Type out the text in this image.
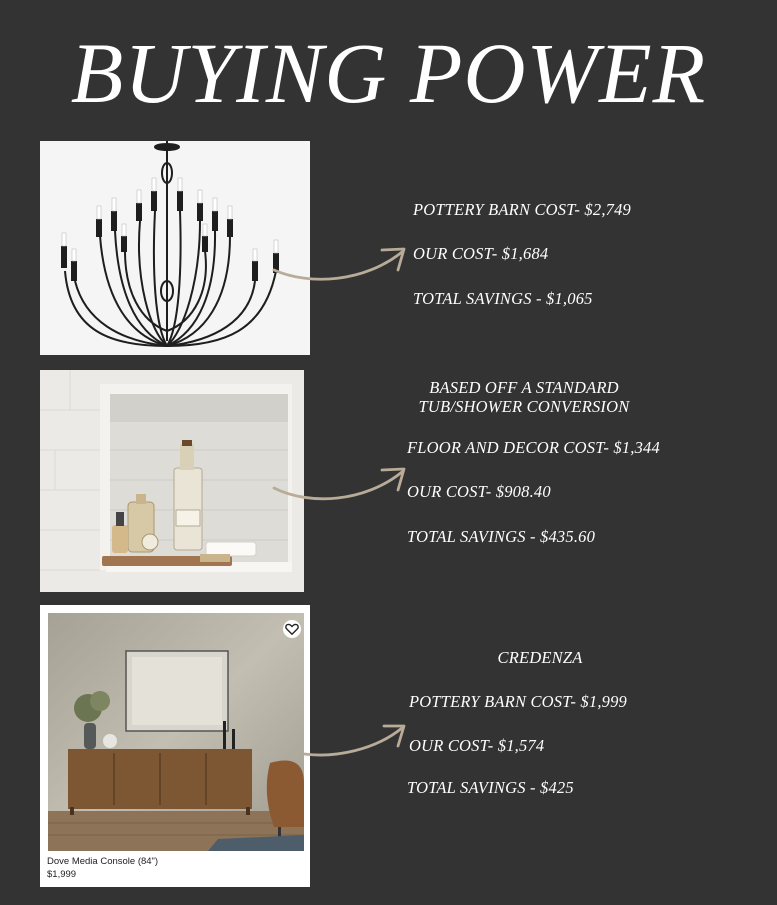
BUYING POWER
Dove Media Console (84")
$1,999
POTTERY BARN COST- $2,749
OUR COST- $1,684
TOTAL SAVINGS - $1,065
BASED OFF A STANDARD
TUB/SHOWER CONVERSION
FLOOR AND DECOR COST- $1,344
OUR COST- $908.40
TOTAL SAVINGS - $435.60
CREDENZA
POTTERY BARN COST- $1,999
OUR COST- $1,574
TOTAL SAVINGS - $425
